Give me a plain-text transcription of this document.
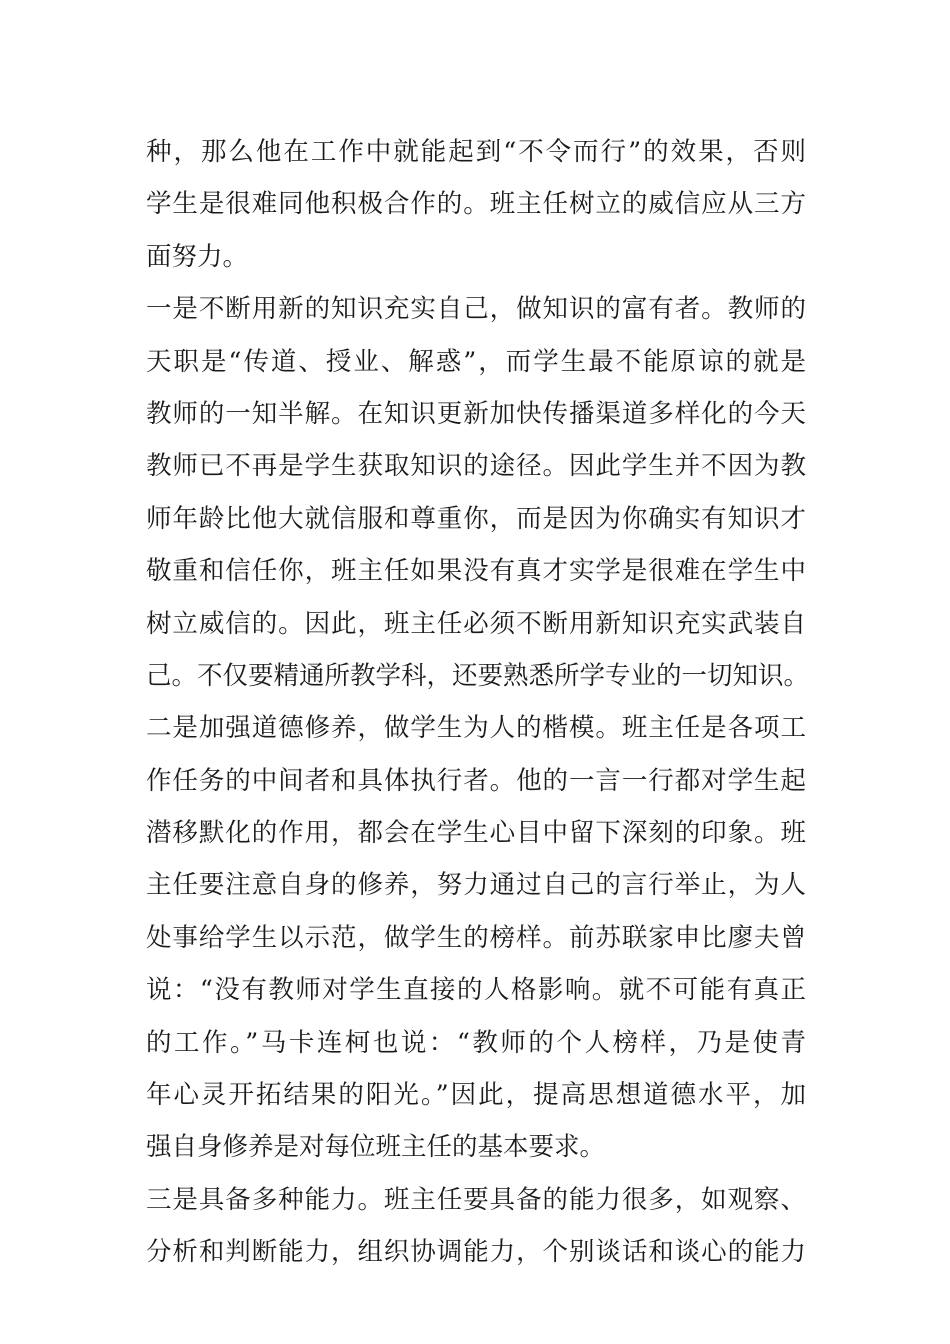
种，那么他在工作中就能起到“不令而行”的效果，否则
学生是很难同他积极合作的。班主任树立的威信应从三方
面努力。
一是不断用新的知识充实自己，做知识的富有者。教师的
天职是“传道、授业、解惑”，而学生最不能原谅的就是
教师的一知半解。在知识更新加快传播渠道多样化的今天
教师已不再是学生获取知识的途径。因此学生并不因为教
师年龄比他大就信服和尊重你，而是因为你确实有知识才
敬重和信任你，班主任如果没有真才实学是很难在学生中
树立威信的。因此，班主任必须不断用新知识充实武装自
己。不仅要精通所教学科，还要熟悉所学专业的一切知识。
二是加强道德修养，做学生为人的楷模。班主任是各项工
作任务的中间者和具体执行者。他的一言一行都对学生起
潜移默化的作用，都会在学生心目中留下深刻的印象。班
主任要注意自身的修养，努力通过自己的言行举止，为人
处事给学生以示范，做学生的榜样。前苏联家申比廖夫曾
说：“没有教师对学生直接的人格影响。就不可能有真正
的工作。”马卡连柯也说：“教师的个人榜样，乃是使青
年心灵开拓结果的阳光。”因此，提高思想道德水平，加
强自身修养是对每位班主任的基本要求。
三是具备多种能力。班主任要具备的能力很多，如观察、
分析和判断能力，组织协调能力，个别谈话和谈心的能力
